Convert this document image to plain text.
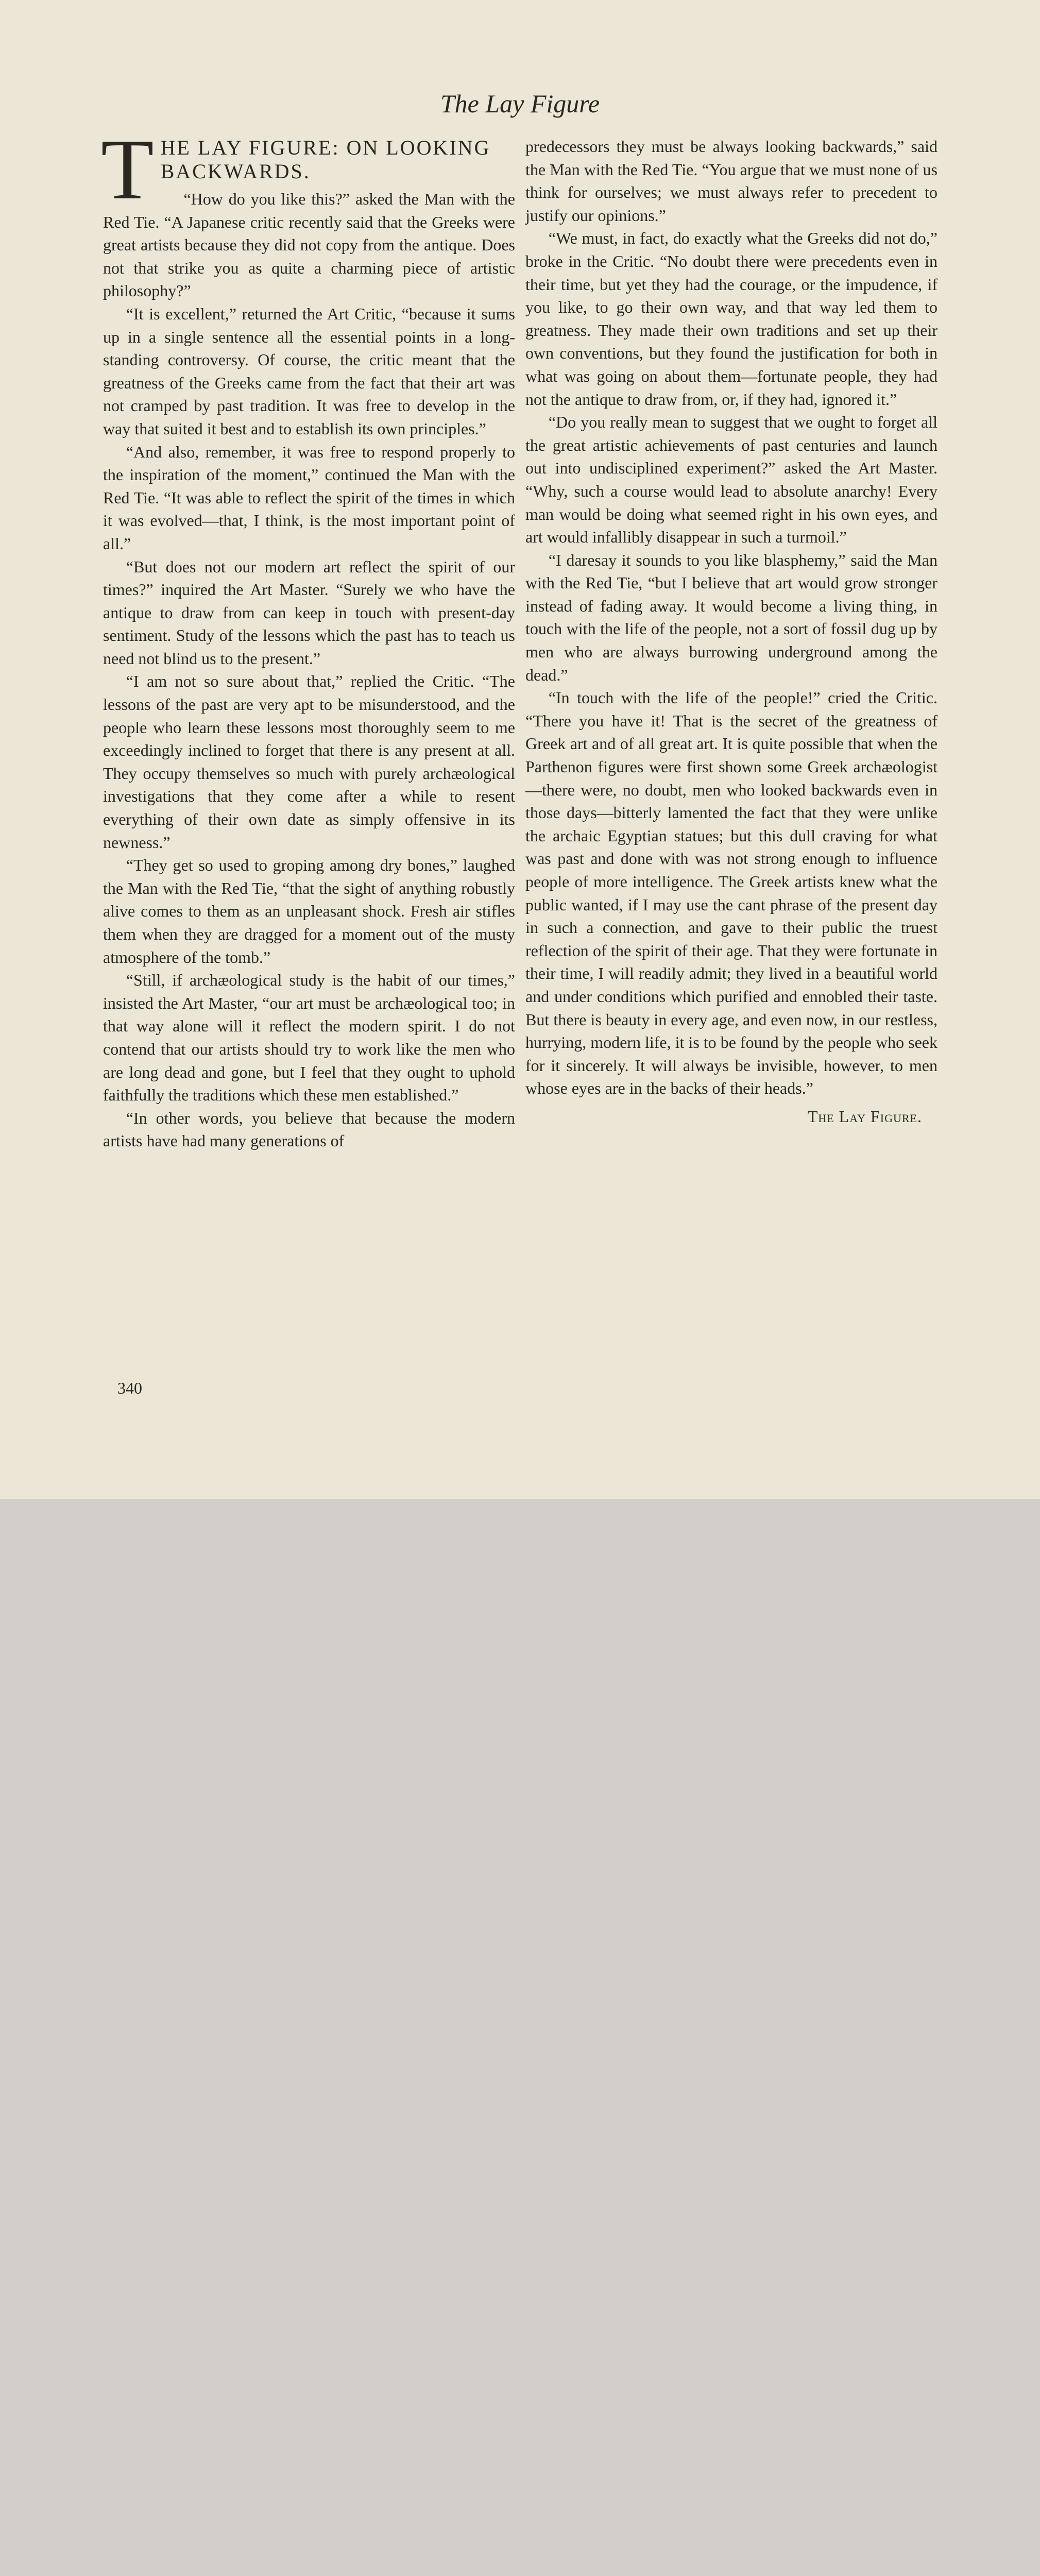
The Lay Figure
T HE LAY FIGURE: ON LOOKING BACKWARDS.

“How do you like this?” asked the Man with the Red Tie. “A Japanese critic recently said that the Greeks were great artists because they did not copy from the antique. Does not that strike you as quite a charming piece of artistic philosophy?”

“It is excellent,” returned the Art Critic, “because it sums up in a single sentence all the essential points in a long-standing controversy. Of course, the critic meant that the greatness of the Greeks came from the fact that their art was not cramped by past tradition. It was free to develop in the way that suited it best and to establish its own principles.”

“And also, remember, it was free to respond properly to the inspiration of the moment,” continued the Man with the Red Tie. “It was able to reflect the spirit of the times in which it was evolved—that, I think, is the most important point of all.”

“But does not our modern art reflect the spirit of our times?” inquired the Art Master. “Surely we who have the antique to draw from can keep in touch with present-day sentiment. Study of the lessons which the past has to teach us need not blind us to the present.”

“I am not so sure about that,” replied the Critic. “The lessons of the past are very apt to be misunderstood, and the people who learn these lessons most thoroughly seem to me exceedingly inclined to forget that there is any present at all. They occupy themselves so much with purely archæological investigations that they come after a while to resent everything of their own date as simply offensive in its newness.”

“They get so used to groping among dry bones,” laughed the Man with the Red Tie, “that the sight of anything robustly alive comes to them as an unpleasant shock. Fresh air stifles them when they are dragged for a moment out of the musty atmosphere of the tomb.”

“Still, if archæological study is the habit of our times,” insisted the Art Master, “our art must be archæological too; in that way alone will it reflect the modern spirit. I do not contend that our artists should try to work like the men who are long dead and gone, but I feel that they ought to uphold faithfully the traditions which these men established.”

“In other words, you believe that because the modern artists have had many generations of

predecessors they must be always looking backwards,” said the Man with the Red Tie. “You argue that we must none of us think for ourselves; we must always refer to precedent to justify our opinions.”

“We must, in fact, do exactly what the Greeks did not do,” broke in the Critic. “No doubt there were precedents even in their time, but yet they had the courage, or the impudence, if you like, to go their own way, and that way led them to greatness. They made their own traditions and set up their own conventions, but they found the justification for both in what was going on about them—fortunate people, they had not the antique to draw from, or, if they had, ignored it.”

“Do you really mean to suggest that we ought to forget all the great artistic achievements of past centuries and launch out into undisciplined experiment?” asked the Art Master. “Why, such a course would lead to absolute anarchy! Every man would be doing what seemed right in his own eyes, and art would infallibly disappear in such a turmoil.”

“I daresay it sounds to you like blasphemy,” said the Man with the Red Tie, “but I believe that art would grow stronger instead of fading away. It would become a living thing, in touch with the life of the people, not a sort of fossil dug up by men who are always burrowing underground among the dead.”

“In touch with the life of the people!” cried the Critic. “There you have it! That is the secret of the greatness of Greek art and of all great art. It is quite possible that when the Parthenon figures were first shown some Greek archæologist—there were, no doubt, men who looked backwards even in those days—bitterly lamented the fact that they were unlike the archaic Egyptian statues; but this dull craving for what was past and done with was not strong enough to influence people of more intelligence. The Greek artists knew what the public wanted, if I may use the cant phrase of the present day in such a connection, and gave to their public the truest reflection of the spirit of their age. That they were fortunate in their time, I will readily admit; they lived in a beautiful world and under conditions which purified and ennobled their taste. But there is beauty in every age, and even now, in our restless, hurrying, modern life, it is to be found by the people who seek for it sincerely. It will always be invisible, however, to men whose eyes are in the backs of their heads.”

The Lay Figure.
340
